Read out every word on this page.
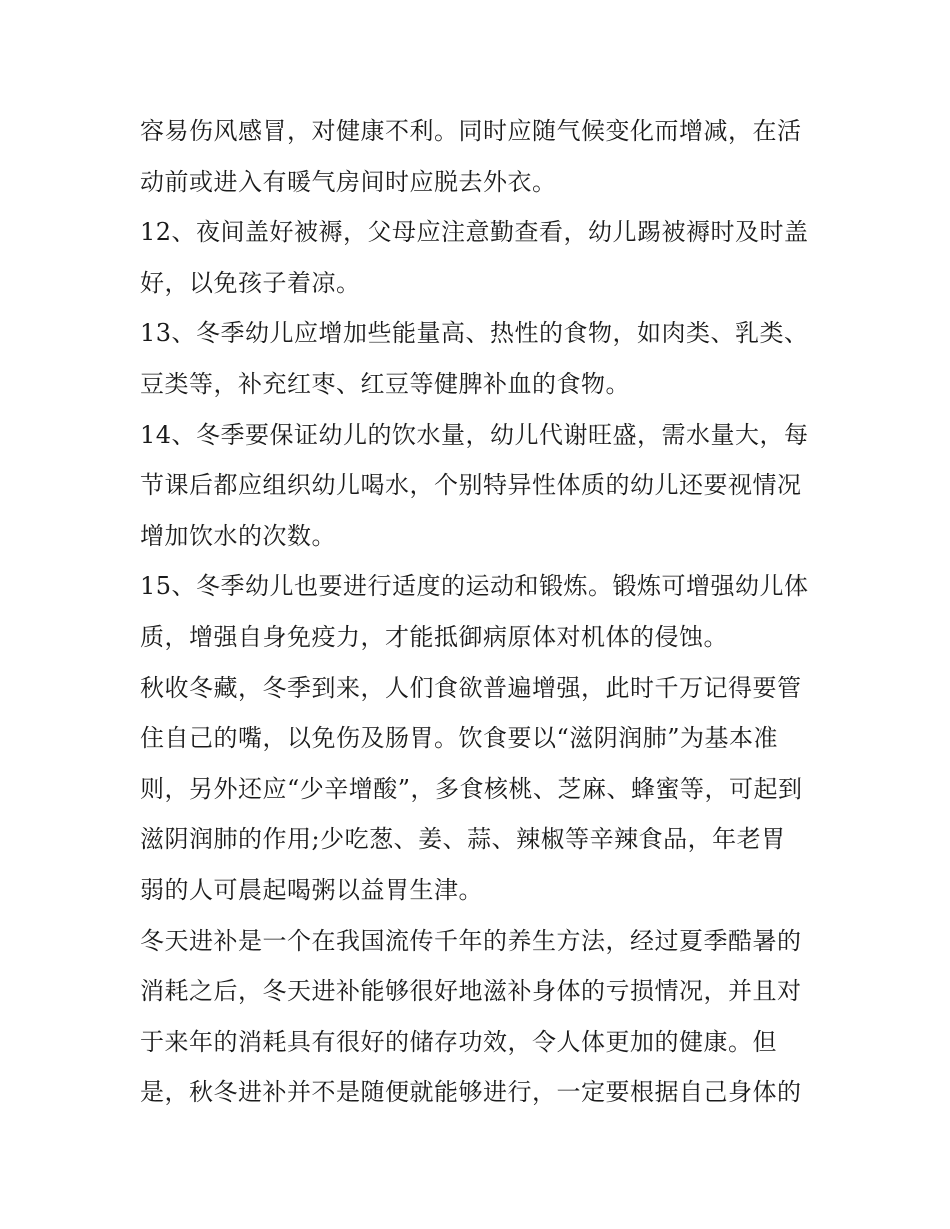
容易伤风感冒，对健康不利。同时应随气候变化而增减，在活
动前或进入有暖气房间时应脱去外衣。
12、夜间盖好被褥，父母应注意勤查看，幼儿踢被褥时及时盖
好，以免孩子着凉。
13、冬季幼儿应增加些能量高、热性的食物，如肉类、乳类、
豆类等，补充红枣、红豆等健脾补血的食物。
14、冬季要保证幼儿的饮水量，幼儿代谢旺盛，需水量大，每
节课后都应组织幼儿喝水，个别特异性体质的幼儿还要视情况
增加饮水的次数。
15、冬季幼儿也要进行适度的运动和锻炼。锻炼可增强幼儿体
质，增强自身免疫力，才能抵御病原体对机体的侵蚀。
秋收冬藏，冬季到来，人们食欲普遍增强，此时千万记得要管
住自己的嘴，以免伤及肠胃。饮食要以“滋阴润肺”为基本准
则，另外还应“少辛增酸”，多食核桃、芝麻、蜂蜜等，可起到
滋阴润肺的作用;少吃葱、姜、蒜、辣椒等辛辣食品，年老胃
弱的人可晨起喝粥以益胃生津。
冬天进补是一个在我国流传千年的养生方法，经过夏季酷暑的
消耗之后，冬天进补能够很好地滋补身体的亏损情况，并且对
于来年的消耗具有很好的储存功效，令人体更加的健康。但
是，秋冬进补并不是随便就能够进行，一定要根据自己身体的
